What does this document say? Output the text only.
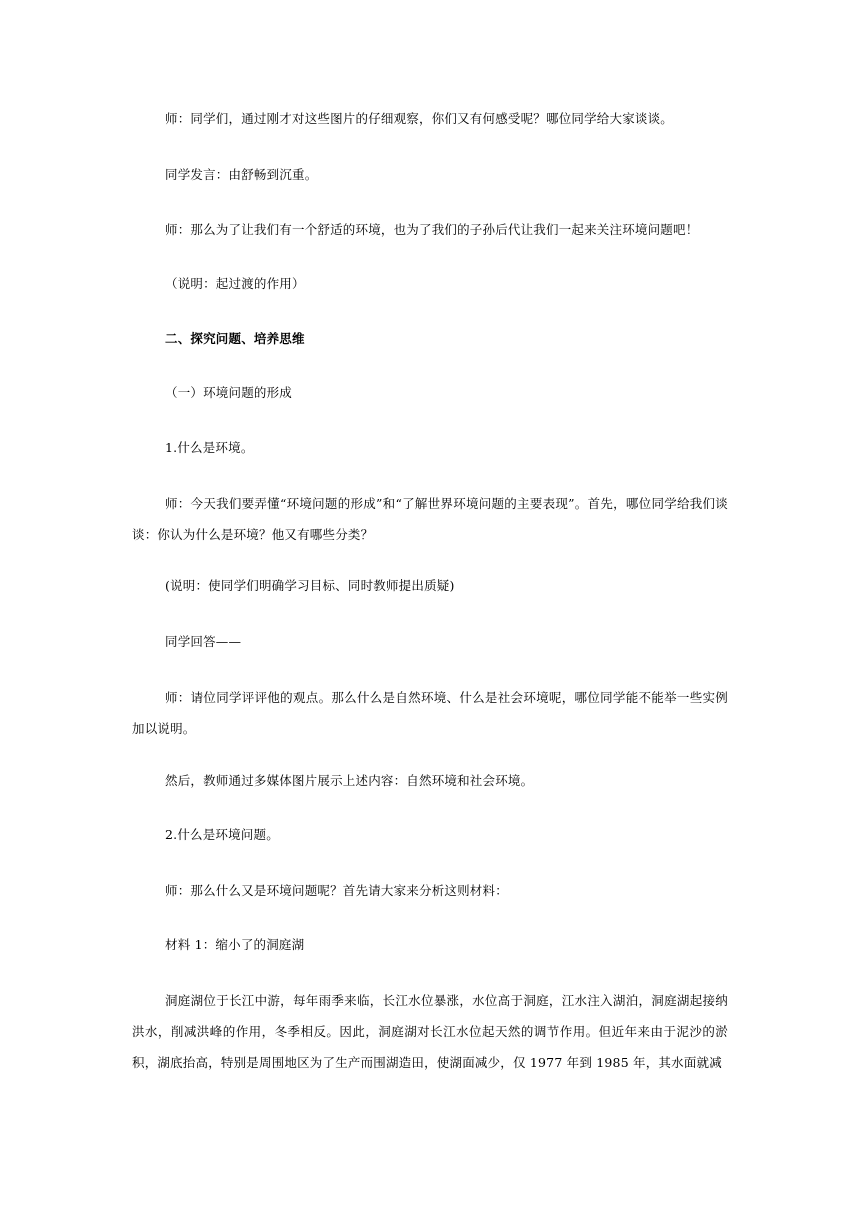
师：同学们，通过刚才对这些图片的仔细观察，你们又有何感受呢？哪位同学给大家谈谈。
同学发言：由舒畅到沉重。
师：那么为了让我们有一个舒适的环境，也为了我们的子孙后代让我们一起来关注环境问题吧！
（说明：起过渡的作用）
二、探究问题、培养思维
（一）环境问题的形成
1.什么是环境。
师：今天我们要弄懂“环境问题的形成”和“了解世界环境问题的主要表现”。首先，哪位同学给我们谈谈：你认为什么是环境？他又有哪些分类？
(说明：使同学们明确学习目标、同时教师提出质疑)
同学回答——
师：请位同学评评他的观点。那么什么是自然环境、什么是社会环境呢，哪位同学能不能举一些实例加以说明。
然后，教师通过多媒体图片展示上述内容：自然环境和社会环境。
2.什么是环境问题。
师：那么什么又是环境问题呢？首先请大家来分析这则材料：
材料 1：缩小了的洞庭湖
洞庭湖位于长江中游，每年雨季来临，长江水位暴涨，水位高于洞庭，江水注入湖泊，洞庭湖起接纳洪水，削减洪峰的作用，冬季相反。因此，洞庭湖对长江水位起天然的调节作用。但近年来由于泥沙的淤积，湖底抬高，特别是周围地区为了生产而围湖造田，使湖面减少，仅 1977 年到 1985 年，其水面就减
